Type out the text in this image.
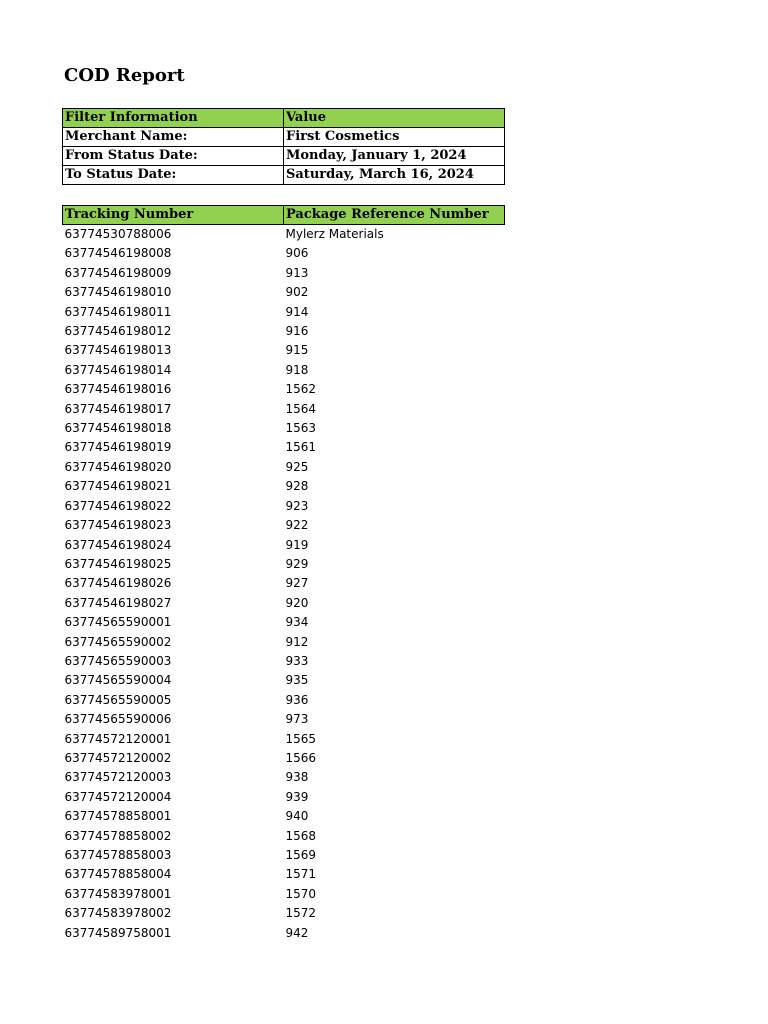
COD Report
Filter Information	Value
Merchant Name:	First Cosmetics
From Status Date:	Monday, January 1, 2024
To Status Date:	Saturday, March 16, 2024
Tracking Number	Package Reference Number
63774530788006	Mylerz Materials
63774546198008	906
63774546198009	913
63774546198010	902
63774546198011	914
63774546198012	916
63774546198013	915
63774546198014	918
63774546198016	1562
63774546198017	1564
63774546198018	1563
63774546198019	1561
63774546198020	925
63774546198021	928
63774546198022	923
63774546198023	922
63774546198024	919
63774546198025	929
63774546198026	927
63774546198027	920
63774565590001	934
63774565590002	912
63774565590003	933
63774565590004	935
63774565590005	936
63774565590006	973
63774572120001	1565
63774572120002	1566
63774572120003	938
63774572120004	939
63774578858001	940
63774578858002	1568
63774578858003	1569
63774578858004	1571
63774583978001	1570
63774583978002	1572
63774589758001	942
